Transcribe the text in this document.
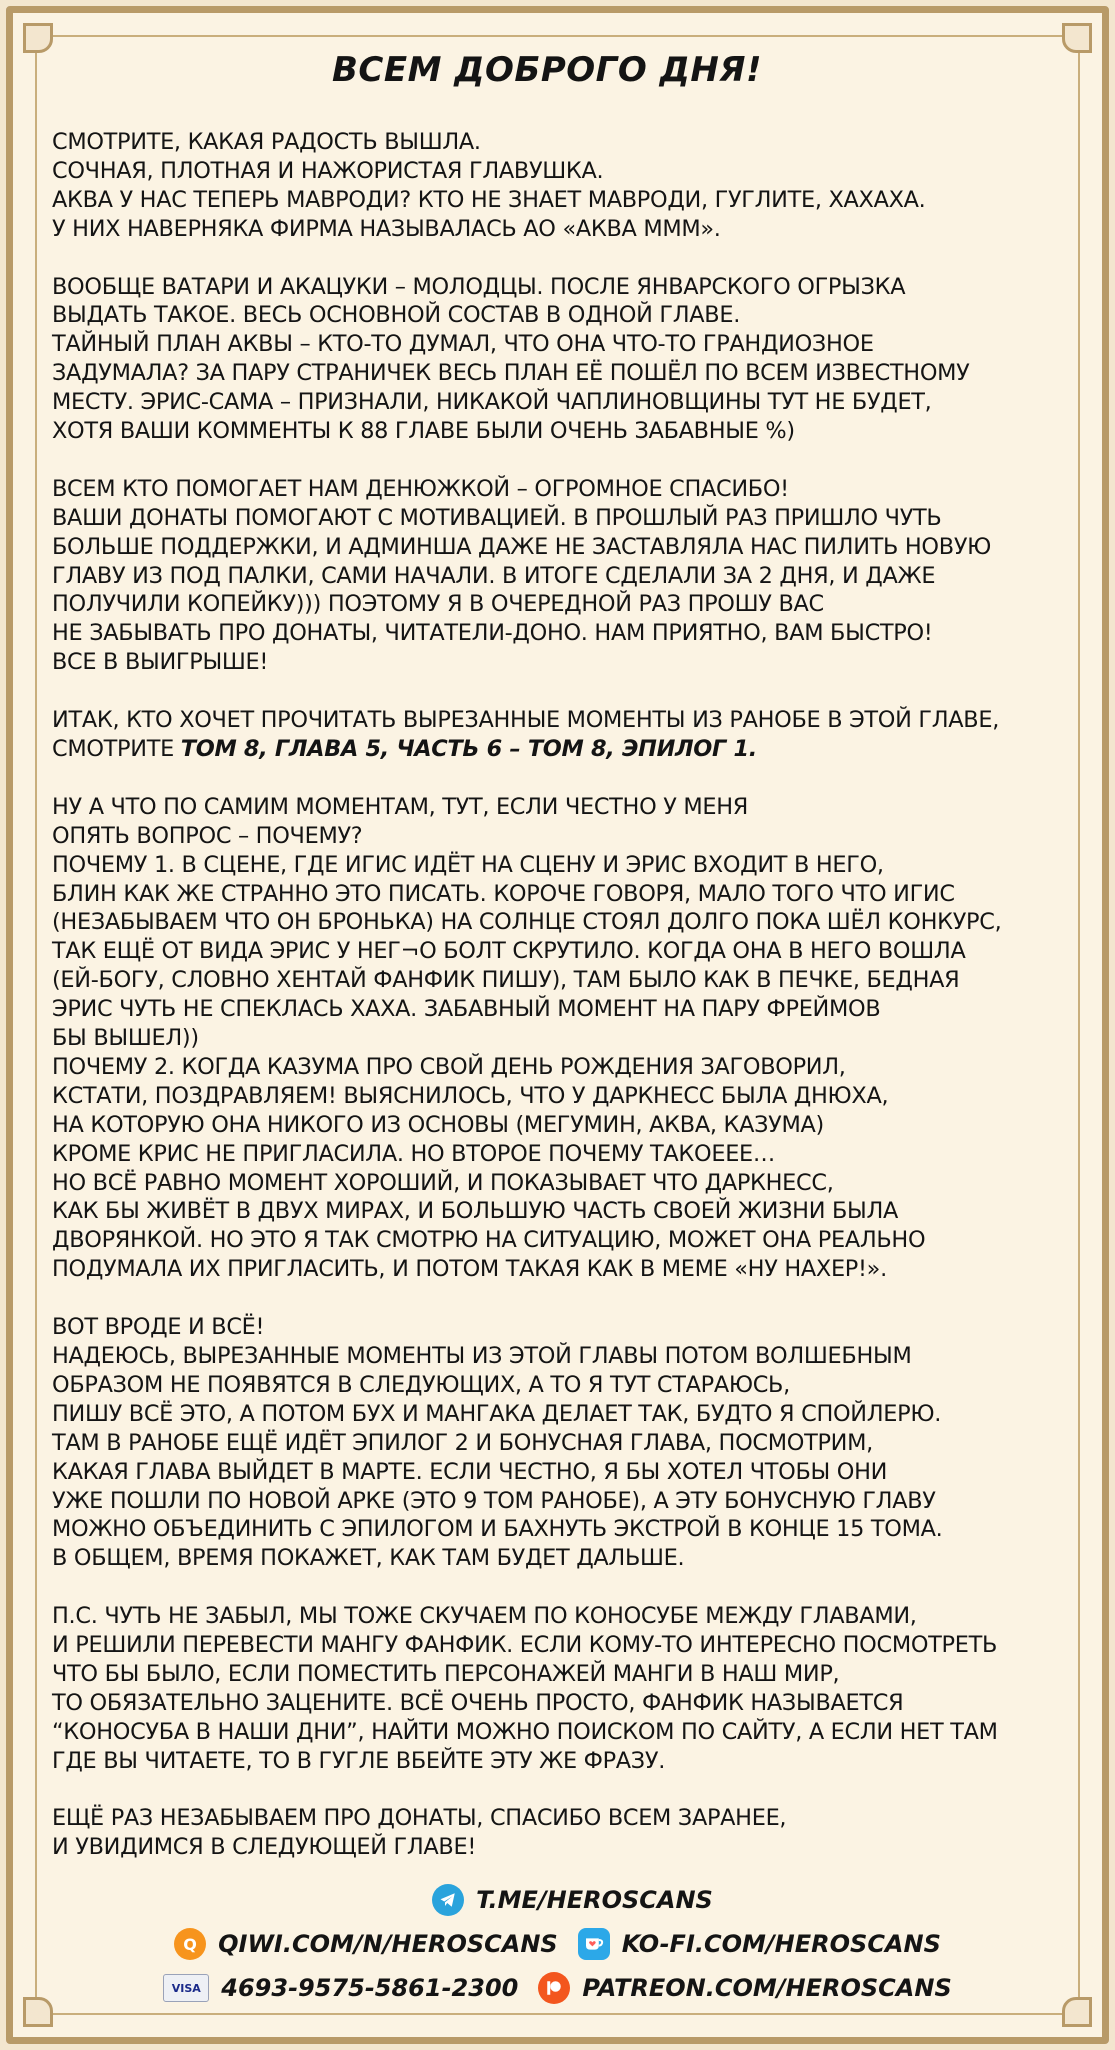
ВСЕМ ДОБРОГО ДНЯ!
СМОТРИТЕ, КАКАЯ РАДОСТЬ ВЫШЛА.
СОЧНАЯ, ПЛОТНАЯ И НАЖОРИСТАЯ ГЛАВУШКА.
АКВА У НАС ТЕПЕРЬ МАВРОДИ? КТО НЕ ЗНАЕТ МАВРОДИ, ГУГЛИТЕ, ХАХАХА.
У НИХ НАВЕРНЯКА ФИРМА НАЗЫВАЛАСЬ АО «АКВА МММ».
ВООБЩЕ ВАТАРИ И АКАЦУКИ – МОЛОДЦЫ. ПОСЛЕ ЯНВАРСКОГО ОГРЫЗКА
ВЫДАТЬ ТАКОЕ. ВЕСЬ ОСНОВНОЙ СОСТАВ В ОДНОЙ ГЛАВЕ.
ТАЙНЫЙ ПЛАН АКВЫ – КТО-ТО ДУМАЛ, ЧТО ОНА ЧТО-ТО ГРАНДИОЗНОЕ
ЗАДУМАЛА? ЗА ПАРУ СТРАНИЧЕК ВЕСЬ ПЛАН ЕЁ ПОШЁЛ ПО ВСЕМ ИЗВЕСТНОМУ
МЕСТУ. ЭРИС-САМА – ПРИЗНАЛИ, НИКАКОЙ ЧАПЛИНОВЩИНЫ ТУТ НЕ БУДЕТ,
ХОТЯ ВАШИ КОММЕНТЫ К 88 ГЛАВЕ БЫЛИ ОЧЕНЬ ЗАБАВНЫЕ %)
ВСЕМ КТО ПОМОГАЕТ НАМ ДЕНЮЖКОЙ – ОГРОМНОЕ СПАСИБО!
ВАШИ ДОНАТЫ ПОМОГАЮТ С МОТИВАЦИЕЙ. В ПРОШЛЫЙ РАЗ ПРИШЛО ЧУТЬ
БОЛЬШЕ ПОДДЕРЖКИ, И АДМИНША ДАЖЕ НЕ ЗАСТАВЛЯЛА НАС ПИЛИТЬ НОВУЮ
ГЛАВУ ИЗ ПОД ПАЛКИ, САМИ НАЧАЛИ. В ИТОГЕ СДЕЛАЛИ ЗА 2 ДНЯ, И ДАЖЕ
ПОЛУЧИЛИ КОПЕЙКУ))) ПОЭТОМУ Я В ОЧЕРЕДНОЙ РАЗ ПРОШУ ВАС
НЕ ЗАБЫВАТЬ ПРО ДОНАТЫ, ЧИТАТЕЛИ-ДОНО. НАМ ПРИЯТНО, ВАМ БЫСТРО!
ВСЕ В ВЫИГРЫШЕ!
ИТАК, КТО ХОЧЕТ ПРОЧИТАТЬ ВЫРЕЗАННЫЕ МОМЕНТЫ ИЗ РАНОБЕ В ЭТОЙ ГЛАВЕ,
СМОТРИТЕ ТОМ 8, ГЛАВА 5, ЧАСТЬ 6 – ТОМ 8, ЭПИЛОГ 1.
НУ А ЧТО ПО САМИМ МОМЕНТАМ, ТУТ, ЕСЛИ ЧЕСТНО У МЕНЯ
ОПЯТЬ ВОПРОС – ПОЧЕМУ?
ПОЧЕМУ 1. В СЦЕНЕ, ГДЕ ИГИС ИДЁТ НА СЦЕНУ И ЭРИС ВХОДИТ В НЕГО,
БЛИН КАК ЖЕ СТРАННО ЭТО ПИСАТЬ. КОРОЧЕ ГОВОРЯ, МАЛО ТОГО ЧТО ИГИС
(НЕЗАБЫВАЕМ ЧТО ОН БРОНЬКА) НА СОЛНЦЕ СТОЯЛ ДОЛГО ПОКА ШЁЛ КОНКУРС,
ТАК ЕЩЁ ОТ ВИДА ЭРИС У НЕГ¬О БОЛТ СКРУТИЛО. КОГДА ОНА В НЕГО ВОШЛА
(ЕЙ-БОГУ, СЛОВНО ХЕНТАЙ ФАНФИК ПИШУ), ТАМ БЫЛО КАК В ПЕЧКЕ, БЕДНАЯ
ЭРИС ЧУТЬ НЕ СПЕКЛАСЬ ХАХА. ЗАБАВНЫЙ МОМЕНТ НА ПАРУ ФРЕЙМОВ
БЫ ВЫШЕЛ))
ПОЧЕМУ 2. КОГДА КАЗУМА ПРО СВОЙ ДЕНЬ РОЖДЕНИЯ ЗАГОВОРИЛ,
КСТАТИ, ПОЗДРАВЛЯЕМ! ВЫЯСНИЛОСЬ, ЧТО У ДАРКНЕСС БЫЛА ДНЮХА,
НА КОТОРУЮ ОНА НИКОГО ИЗ ОСНОВЫ (МЕГУМИН, АКВА, КАЗУМА)
КРОМЕ КРИС НЕ ПРИГЛАСИЛА. НО ВТОРОЕ ПОЧЕМУ ТАКОЕЕЕ…
НО ВСЁ РАВНО МОМЕНТ ХОРОШИЙ, И ПОКАЗЫВАЕТ ЧТО ДАРКНЕСС,
КАК БЫ ЖИВЁТ В ДВУХ МИРАХ, И БОЛЬШУЮ ЧАСТЬ СВОЕЙ ЖИЗНИ БЫЛА
ДВОРЯНКОЙ. НО ЭТО Я ТАК СМОТРЮ НА СИТУАЦИЮ, МОЖЕТ ОНА РЕАЛЬНО
ПОДУМАЛА ИХ ПРИГЛАСИТЬ, И ПОТОМ ТАКАЯ КАК В МЕМЕ «НУ НАХЕР!».
ВОТ ВРОДЕ И ВСЁ!
НАДЕЮСЬ, ВЫРЕЗАННЫЕ МОМЕНТЫ ИЗ ЭТОЙ ГЛАВЫ ПОТОМ ВОЛШЕБНЫМ
ОБРАЗОМ НЕ ПОЯВЯТСЯ В СЛЕДУЮЩИХ, А ТО Я ТУТ СТАРАЮСЬ,
ПИШУ ВСЁ ЭТО, А ПОТОМ БУХ И МАНГАКА ДЕЛАЕТ ТАК, БУДТО Я СПОЙЛЕРЮ.
ТАМ В РАНОБЕ ЕЩЁ ИДЁТ ЭПИЛОГ 2 И БОНУСНАЯ ГЛАВА, ПОСМОТРИМ,
КАКАЯ ГЛАВА ВЫЙДЕТ В МАРТЕ. ЕСЛИ ЧЕСТНО, Я БЫ ХОТЕЛ ЧТОБЫ ОНИ
УЖЕ ПОШЛИ ПО НОВОЙ АРКЕ (ЭТО 9 ТОМ РАНОБЕ), А ЭТУ БОНУСНУЮ ГЛАВУ
МОЖНО ОБЪЕДИНИТЬ С ЭПИЛОГОМ И БАХНУТЬ ЭКСТРОЙ В КОНЦЕ 15 ТОМА.
В ОБЩЕМ, ВРЕМЯ ПОКАЖЕТ, КАК ТАМ БУДЕТ ДАЛЬШЕ.
П.С. ЧУТЬ НЕ ЗАБЫЛ, МЫ ТОЖЕ СКУЧАЕМ ПО КОНОСУБЕ МЕЖДУ ГЛАВАМИ,
И РЕШИЛИ ПЕРЕВЕСТИ МАНГУ ФАНФИК. ЕСЛИ КОМУ-ТО ИНТЕРЕСНО ПОСМОТРЕТЬ
ЧТО БЫ БЫЛО, ЕСЛИ ПОМЕСТИТЬ ПЕРСОНАЖЕЙ МАНГИ В НАШ МИР,
ТО ОБЯЗАТЕЛЬНО ЗАЦЕНИТЕ. ВСЁ ОЧЕНЬ ПРОСТО, ФАНФИК НАЗЫВАЕТСЯ
“КОНОСУБА В НАШИ ДНИ”, НАЙТИ МОЖНО ПОИСКОМ ПО САЙТУ, А ЕСЛИ НЕТ ТАМ
ГДЕ ВЫ ЧИТАЕТЕ, ТО В ГУГЛЕ ВБЕЙТЕ ЭТУ ЖЕ ФРАЗУ.
ЕЩЁ РАЗ НЕЗАБЫВАЕМ ПРО ДОНАТЫ, СПАСИБО ВСЕМ ЗАРАНЕЕ,
И УВИДИМСЯ В СЛЕДУЮЩЕЙ ГЛАВЕ!
T.ME/HEROSCANS
Q QIWI.COM/N/HEROSCANS	KO-FI.COM/HEROSCANS
VISA 4693-9575-5861-2300	PATREON.COM/HEROSCANS
